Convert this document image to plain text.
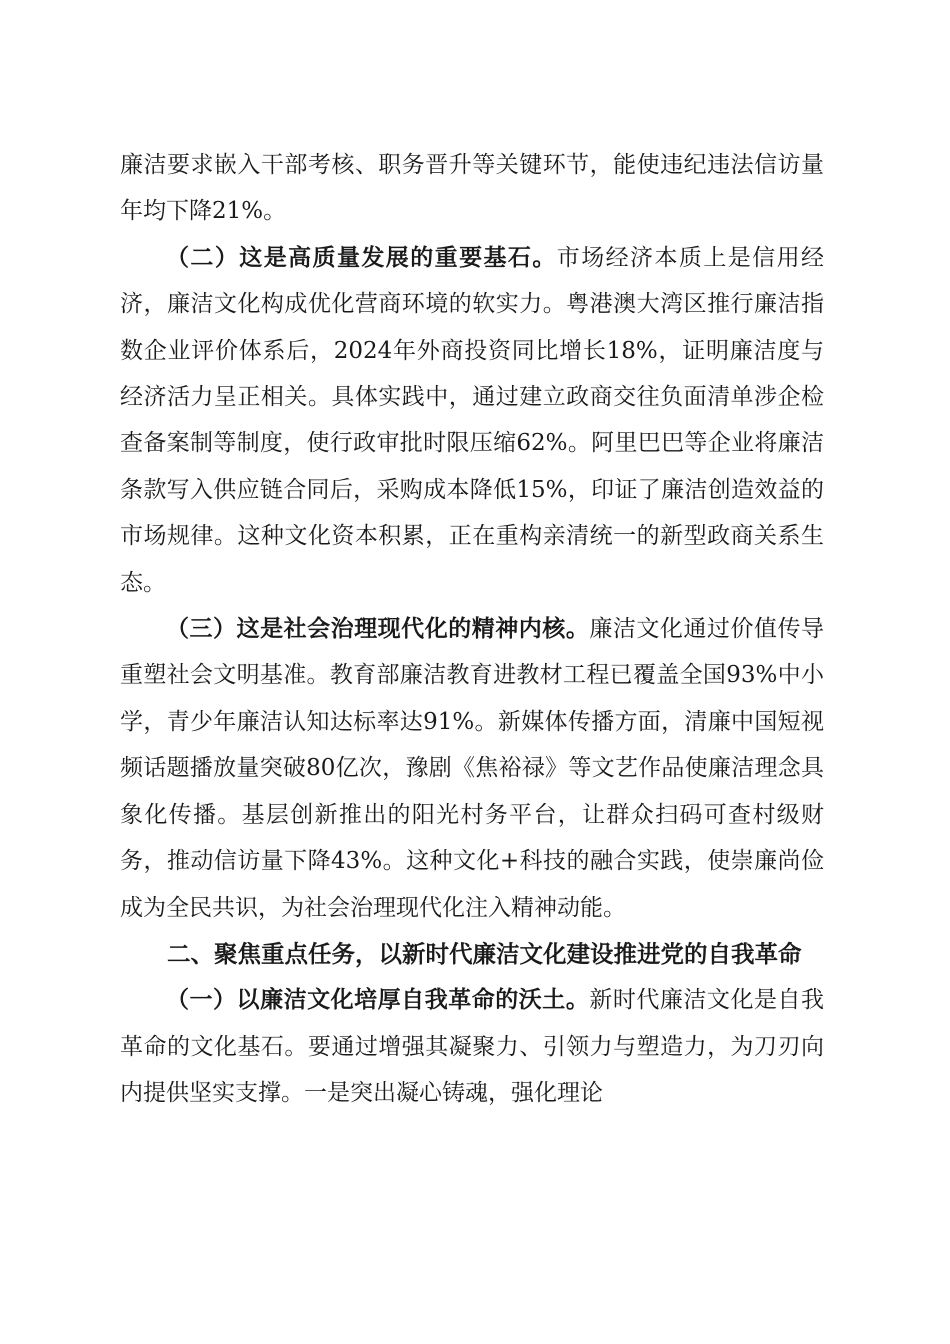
廉洁要求嵌入干部考核、职务晋升等关键环节，能使违纪违法信访量年均下降21%。

（二）这是高质量发展的重要基石。市场经济本质上是信用经济，廉洁文化构成优化营商环境的软实力。粤港澳大湾区推行廉洁指数企业评价体系后，2024年外商投资同比增长18%，证明廉洁度与经济活力呈正相关。具体实践中，通过建立政商交往负面清单涉企检查备案制等制度，使行政审批时限压缩62%。阿里巴巴等企业将廉洁条款写入供应链合同后，采购成本降低15%，印证了廉洁创造效益的市场规律。这种文化资本积累，正在重构亲清统一的新型政商关系生态。

（三）这是社会治理现代化的精神内核。廉洁文化通过价值传导重塑社会文明基准。教育部廉洁教育进教材工程已覆盖全国93%中小学，青少年廉洁认知达标率达91%。新媒体传播方面，清廉中国短视频话题播放量突破80亿次，豫剧《焦裕禄》等文艺作品使廉洁理念具象化传播。基层创新推出的阳光村务平台，让群众扫码可查村级财务，推动信访量下降43%。这种文化+科技的融合实践，使崇廉尚俭成为全民共识，为社会治理现代化注入精神动能。

二、聚焦重点任务，以新时代廉洁文化建设推进党的自我革命

（一）以廉洁文化培厚自我革命的沃土。新时代廉洁文化是自我革命的文化基石。要通过增强其凝聚力、引领力与塑造力，为刀刃向内提供坚实支撑。一是突出凝心铸魂，强化理论
